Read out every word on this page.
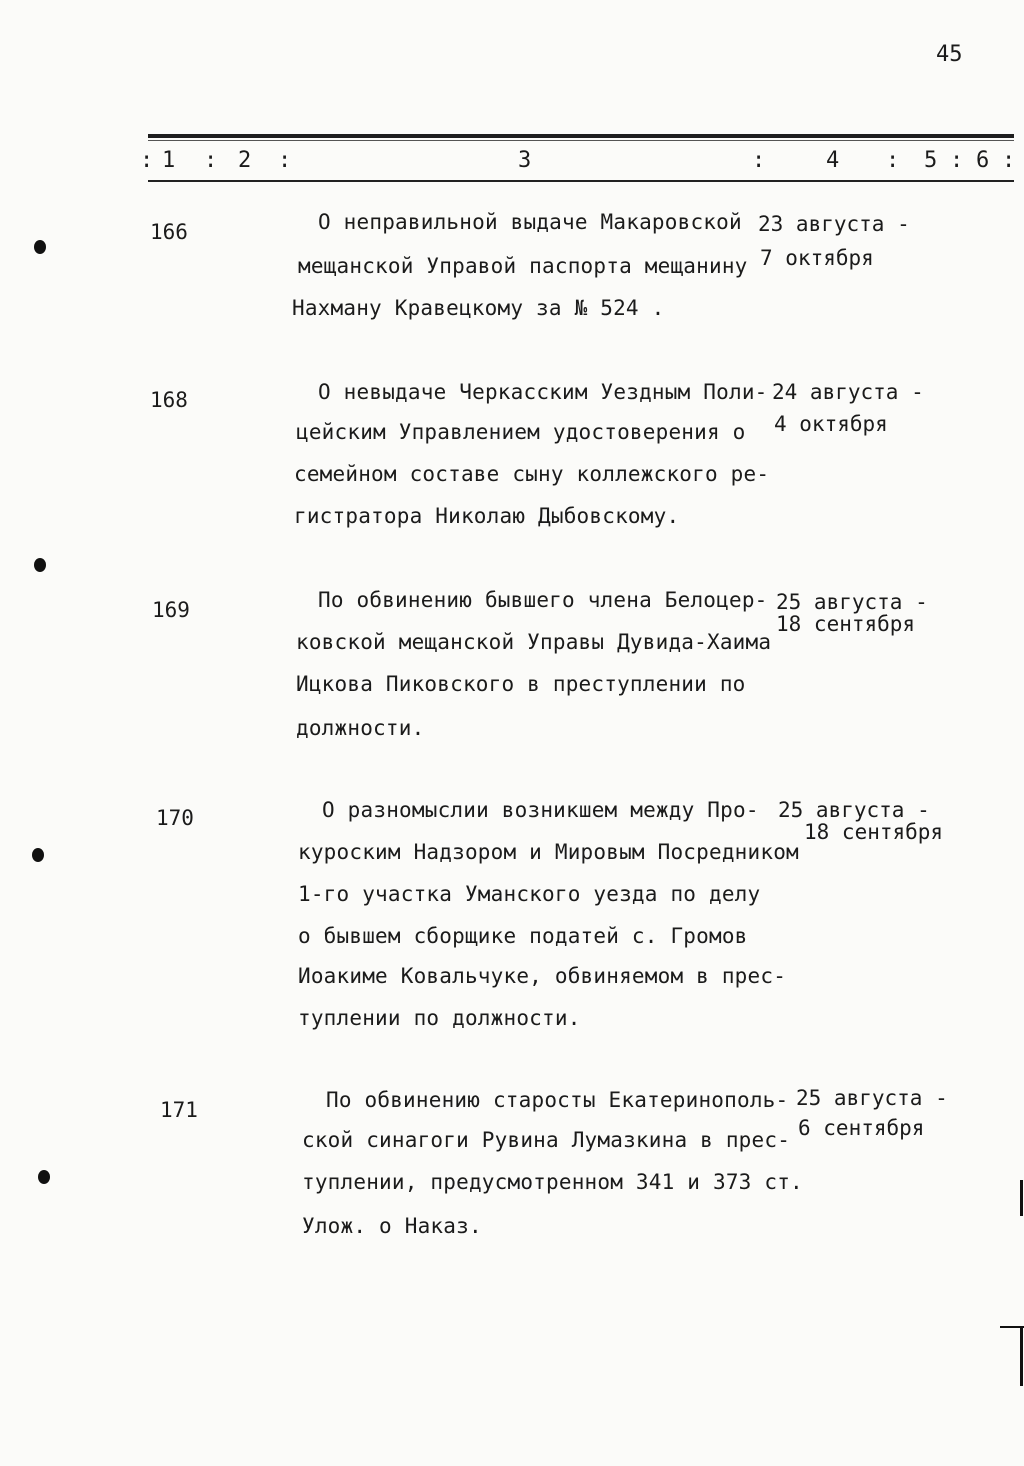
45
: 1 : 2 :	3	:	4 : 5 : 6 :
166	О неправильной выдаче Макаровской
мещанской Управой паспорта мещанину
Нахману Кравецкому за № 524 .
23 августа -
7 октября
168	О невыдаче Черкасским Уездным Поли-
цейским Управлением удостоверения о
семейном составе сыну коллежского ре-
гистратора Николаю Дыбовскому.
24 августа -
4 октября
169	По обвинению бывшего члена Белоцер-
ковской мещанской Управы Дувида-Хаима
Ицкова Пиковского в преступлении по
должности.
25 августа -
18 сентября
170	О разномыслии возникшем между Про-
куроским Надзором и Мировым Посредником
1-го участка Уманского уезда по делу
о бывшем сборщике податей с. Громов
Иоакиме Ковальчуке, обвиняемом в прес-
туплении по должности.
25 августа -
18 сентября
171	По обвинению старосты Екатеринополь-
ской синагоги Рувина Лумазкина в прес-
туплении, предусмотренном 341 и 373 ст.
Улож. о Наказ.
25 августа -
6 сентября
